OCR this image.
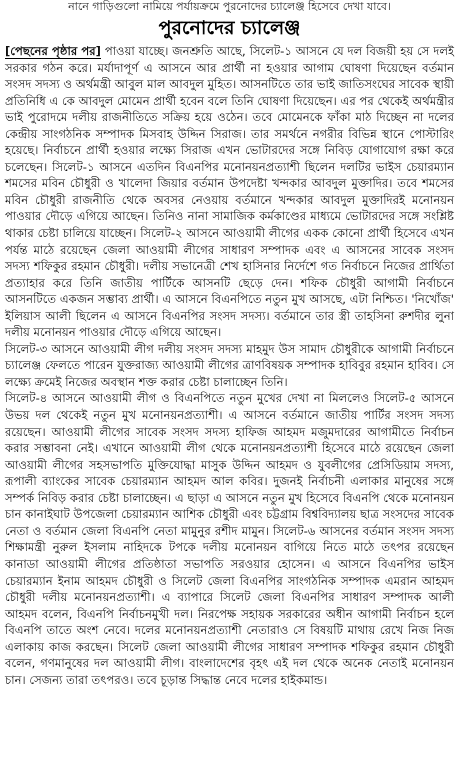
নানে গাড়িগুলো নামিয়ে পর্যায়ক্রমে পুরনোদের চ্যালেঞ্জ হিসেবে দেখা যাবে।
পুরনোদের চ্যালেঞ্জ

[পেছনের পৃষ্ঠার পর] পাওয়া যাচ্ছে। জনশ্রুতি আছে, সিলেট-১ আসনে যে দল বিজয়ী হয় সে দলই সরকার গঠন করে। মর্যাদাপূর্ণ এ আসনে আর প্রার্থী না হওয়ার আগাম ঘোষণা দিয়েছেন বর্তমান সংসদ সদস্য ও অর্থমন্ত্রী আবুল মাল আবদুল মুহিত। আসনটিতে তার ভাই জাতিসংঘের সাবেক স্থায়ী প্রতিনিধি এ কে আবদুল মোমেন প্রার্থী হবেন বলে তিনি ঘোষণা দিয়েছেন। এর পর থেকেই অর্থমন্ত্রীর ভাই পুরোদমে দলীয় রাজনীতিতে সক্রিয় হয়ে ওঠেন। তবে মোমেনকে ফাঁকা মাঠ দিচ্ছেন না দলের কেন্দ্রীয় সাংগঠনিক সম্পাদক মিসবাহ উদ্দিন সিরাজ। তার সমর্থনে নগরীর বিভিন্ন স্থানে পোস্টারিং হয়েছে। নির্বাচনে প্রার্থী হওয়ার লক্ষ্যে সিরাজ এখন ভোটারদের সঙ্গে নিবিড় যোগাযোগ রক্ষা করে চলেছেন। সিলেট-১ আসনে এতদিন বিএনপির মনোনয়নপ্রত্যাশী ছিলেন দলটির ভাইস চেয়ারম্যান শমসের মবিন চৌধুরী ও খালেদা জিয়ার বর্তমান উপদেষ্টা খন্দকার আবদুল মুক্তাদির। তবে শমসের মবিন চৌধুরী রাজনীতি থেকে অবসর নেওয়ায় বর্তমানে খন্দকার আবদুল মুক্তাদিরই মনোনয়ন পাওয়ার দৌড়ে এগিয়ে আছেন। তিনিও নানা সামাজিক কর্মকাণ্ডের মাধ্যমে ভোটারদের সঙ্গে সংশ্লিষ্ট থাকার চেষ্টা চালিয়ে যাচ্ছেন। সিলেট-২ আসনে আওয়ামী লীগের একক কোনো প্রার্থী হিসেবে এখন পর্যন্ত মাঠে রয়েছেন জেলা আওয়ামী লীগের সাধারণ সম্পাদক এবং এ আসনের সাবেক সংসদ সদস্য শফিকুর রহমান চৌধুরী। দলীয় সভানেত্রী শেখ হাসিনার নির্দেশে গত নির্বাচনে নিজের প্রার্থিতা প্রত্যাহার করে তিনি জাতীয় পার্টিকে আসনটি ছেড়ে দেন। শফিক চৌধুরী আগামী নির্বাচনে আসনটিতে একজন সম্ভাব্য প্রার্থী। এ আসনে বিএনপিতে নতুন মুখ আসছে, এটা নিশ্চিত। 'নিখোঁজ' ইলিয়াস আলী ছিলেন এ আসনে বিএনপির সংসদ সদস্য। বর্তমানে তার স্ত্রী তাহসিনা রুশদীর লুনা দলীয় মনোনয়ন পাওয়ার দৌড়ে এগিয়ে আছেন।

সিলেট-৩ আসনে আওয়ামী লীগ দলীয় সংসদ সদস্য মাহমুদ উস সামাদ চৌধুরীকে আগামী নির্বাচনে চ্যালেঞ্জ ফেলতে পারেন যুক্তরাজ্য আওয়ামী লীগের ত্রাণবিষয়ক সম্পাদক হাবিবুর রহমান হাবিব। সে লক্ষ্যে ক্রমেই নিজের অবস্থান শক্ত করার চেষ্টা চালাচ্ছেন তিনি।

সিলেট-৪ আসনে আওয়ামী লীগ ও বিএনপিতে নতুন মুখের দেখা না মিললেও সিলেট-৫ আসনে উভয় দল থেকেই নতুন মুখ মনোনয়নপ্রত্যাশী। এ আসনে বর্তমানে জাতীয় পার্টির সংসদ সদস্য রয়েছেন। আওয়ামী লীগের সাবেক সংসদ সদস্য হাফিজ আহমদ মজুমদারের আগামীতে নির্বাচন করার সম্ভাবনা নেই। এখানে আওয়ামী লীগ থেকে মনোনয়নপ্রত্যাশী হিসেবে মাঠে রয়েছেন জেলা আওয়ামী লীগের সহসভাপতি মুক্তিযোদ্ধা মাসুক উদ্দিন আহমদ ও যুবলীগের প্রেসিডিয়াম সদস্য, রূপালী ব্যাংকের সাবেক চেয়ারম্যান আহমদ আল কবির। দুজনই নির্বাচনী এলাকার মানুষের সঙ্গে সম্পর্ক নিবিড় করার চেষ্টা চালাচ্ছেন। এ ছাড়া এ আসনে নতুন মুখ হিসেবে বিএনপি থেকে মনোনয়ন চান কানাইঘাট উপজেলা চেয়ারম্যান আশিক চৌধুরী এবং চট্টগ্রাম বিশ্ববিদ্যালয় ছাত্র সংসদের সাবেক নেতা ও বর্তমান জেলা বিএনপি নেতা মামুনুর রশীদ মামুন। সিলেট-৬ আসনের বর্তমান সংসদ সদস্য শিক্ষামন্ত্রী নুরুল ইসলাম নাহিদকে টপকে দলীয় মনোনয়ন বাগিয়ে নিতে মাঠে তৎপর রয়েছেন কানাডা আওয়ামী লীগের প্রতিষ্ঠাতা সভাপতি সরওয়ার হোসেন। এ আসনে বিএনপির ভাইস চেয়ারম্যান ইনাম আহমদ চৌধুরী ও সিলেট জেলা বিএনপির সাংগঠনিক সম্পাদক এমরান আহমদ চৌধুরী দলীয় মনোনয়নপ্রত্যাশী। এ ব্যাপারে সিলেট জেলা বিএনপির সাধারণ সম্পাদক আলী আহমদ বলেন, বিএনপি নির্বাচনমুখী দল। নিরপেক্ষ সহায়ক সরকারের অধীন আগামী নির্বাচন হলে বিএনপি তাতে অংশ নেবে। দলের মনোনয়নপ্রত্যাশী নেতারাও সে বিষয়টি মাথায় রেখে নিজ নিজ এলাকায় কাজ করছেন। সিলেট জেলা আওয়ামী লীগের সাধারণ সম্পাদক শফিকুর রহমান চৌধুরী বলেন, গণমানুষের দল আওয়ামী লীগ। বাংলাদেশের বৃহৎ এই দল থেকে অনেক নেতাই মনোনয়ন চান। সেজন্য তারা তৎপরও। তবে চূড়ান্ত সিদ্ধান্ত নেবে দলের হাইকমান্ড।
